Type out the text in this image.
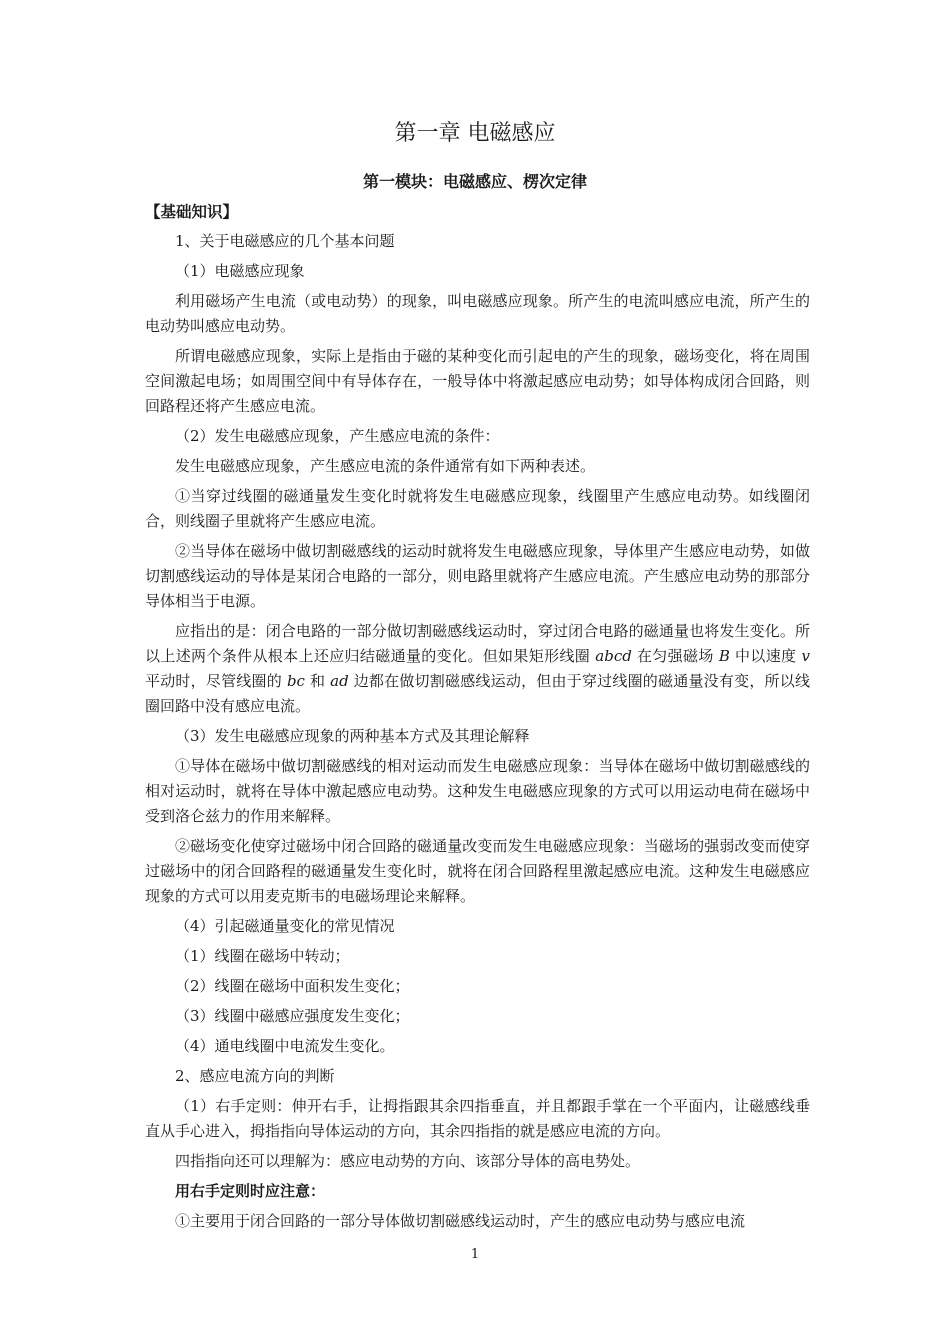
第一章 电磁感应
第一模块：电磁感应、楞次定律
【基础知识】

1、关于电磁感应的几个基本问题

（1）电磁感应现象

利用磁场产生电流（或电动势）的现象，叫电磁感应现象。所产生的电流叫感应电流，所产生的电动势叫感应电动势。

所谓电磁感应现象，实际上是指由于磁的某种变化而引起电的产生的现象，磁场变化，将在周围空间激起电场；如周围空间中有导体存在，一般导体中将激起感应电动势；如导体构成闭合回路，则回路程还将产生感应电流。

（2）发生电磁感应现象，产生感应电流的条件：

发生电磁感应现象，产生感应电流的条件通常有如下两种表述。

①当穿过线圈的磁通量发生变化时就将发生电磁感应现象，线圈里产生感应电动势。如线圈闭合，则线圈子里就将产生感应电流。

②当导体在磁场中做切割磁感线的运动时就将发生电磁感应现象，导体里产生感应电动势，如做切割感线运动的导体是某闭合电路的一部分，则电路里就将产生感应电流。产生感应电动势的那部分导体相当于电源。

应指出的是：闭合电路的一部分做切割磁感线运动时，穿过闭合电路的磁通量也将发生变化。所以上述两个条件从根本上还应归结磁通量的变化。但如果矩形线圈 abcd 在匀强磁场 B 中以速度 v 平动时，尽管线圈的 bc 和 ad 边都在做切割磁感线运动，但由于穿过线圈的磁通量没有变，所以线圈回路中没有感应电流。

（3）发生电磁感应现象的两种基本方式及其理论解释

①导体在磁场中做切割磁感线的相对运动而发生电磁感应现象：当导体在磁场中做切割磁感线的相对运动时，就将在导体中激起感应电动势。这种发生电磁感应现象的方式可以用运动电荷在磁场中受到洛仑兹力的作用来解释。

②磁场变化使穿过磁场中闭合回路的磁通量改变而发生电磁感应现象：当磁场的强弱改变而使穿过磁场中的闭合回路程的磁通量发生变化时，就将在闭合回路程里激起感应电流。这种发生电磁感应现象的方式可以用麦克斯韦的电磁场理论来解释。

（4）引起磁通量变化的常见情况

（1）线圈在磁场中转动；

（2）线圈在磁场中面积发生变化；

（3）线圈中磁感应强度发生变化；

（4）通电线圈中电流发生变化。

2、感应电流方向的判断

（1）右手定则：伸开右手，让拇指跟其余四指垂直，并且都跟手掌在一个平面内，让磁感线垂直从手心进入，拇指指向导体运动的方向，其余四指指的就是感应电流的方向。

四指指向还可以理解为：感应电动势的方向、该部分导体的高电势处。

用右手定则时应注意：

①主要用于闭合回路的一部分导体做切割磁感线运动时，产生的感应电动势与感应电流

1
